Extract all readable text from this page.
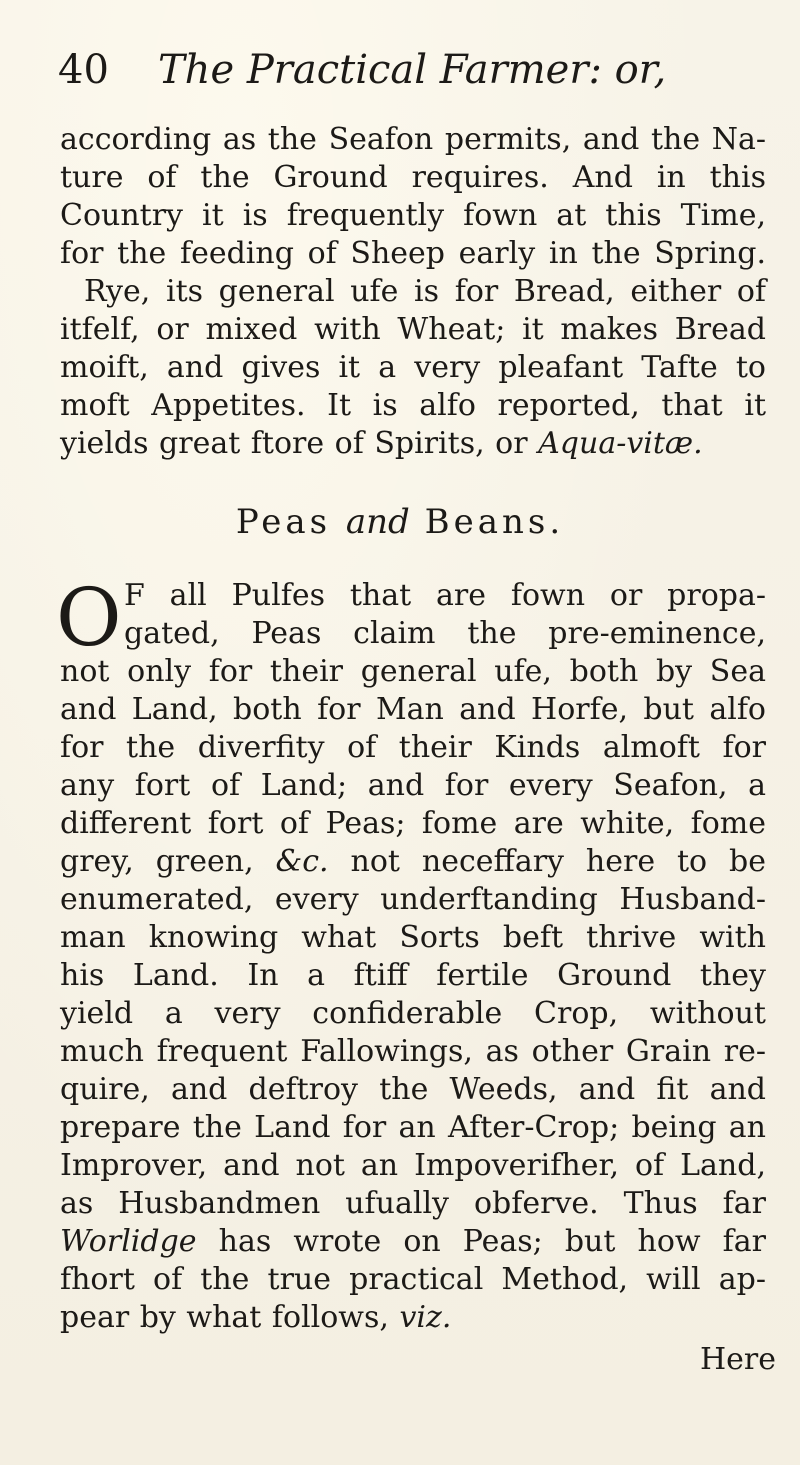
40 The Practical Farmer: or,
according as the Seafon permits, and the Na-
ture of the Ground requires. And in this
Country it is frequently fown at this Time,
for the feeding of Sheep early in the Spring.
Rye, its general ufe is for Bread, either of
itfelf, or mixed with Wheat; it makes Bread
moift, and gives it a very pleafant Tafte to
moft Appetites. It is alfo reported, that it
yields great ftore of Spirits, or Aqua-vitæ.
Peas and Beans.
O F all Pulfes that are fown or propa-
gated, Peas claim the pre-eminence,
not only for their general ufe, both by Sea
and Land, both for Man and Horfe, but alfo
for the diverfity of their Kinds almoft for
any fort of Land; and for every Seafon, a
different fort of Peas; fome are white, fome
grey, green, &c. not neceffary here to be
enumerated, every underftanding Husband-
man knowing what Sorts beft thrive with
his Land. In a ftiff fertile Ground they
yield a very confiderable Crop, without
much frequent Fallowings, as other Grain re-
quire, and deftroy the Weeds, and fit and
prepare the Land for an After-Crop; being an
Improver, and not an Impoverifher, of Land,
as Husbandmen ufually obferve. Thus far
Worlidge has wrote on Peas; but how far
fhort of the true practical Method, will ap-
pear by what follows, viz.
Here
